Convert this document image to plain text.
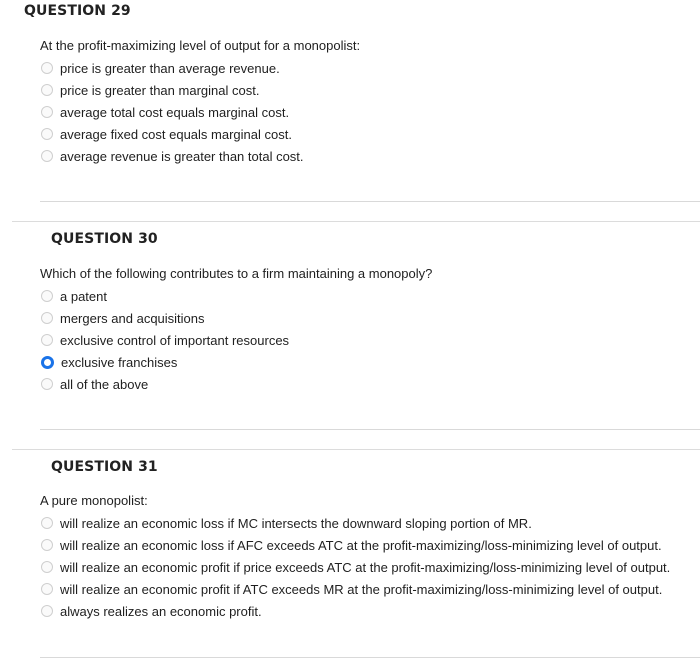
QUESTION 29
At the profit-maximizing level of output for a monopolist:
price is greater than average revenue.
price is greater than marginal cost.
average total cost equals marginal cost.
average fixed cost equals marginal cost.
average revenue is greater than total cost.
QUESTION 30
Which of the following contributes to a firm maintaining a monopoly?
a patent
mergers and acquisitions
exclusive control of important resources
exclusive franchises
all of the above
QUESTION 31
A pure monopolist:
will realize an economic loss if MC intersects the downward sloping portion of MR.
will realize an economic loss if AFC exceeds ATC at the profit-maximizing/loss-minimizing level of output.
will realize an economic profit if price exceeds ATC at the profit-maximizing/loss-minimizing level of output.
will realize an economic profit if ATC exceeds MR at the profit-maximizing/loss-minimizing level of output.
always realizes an economic profit.
